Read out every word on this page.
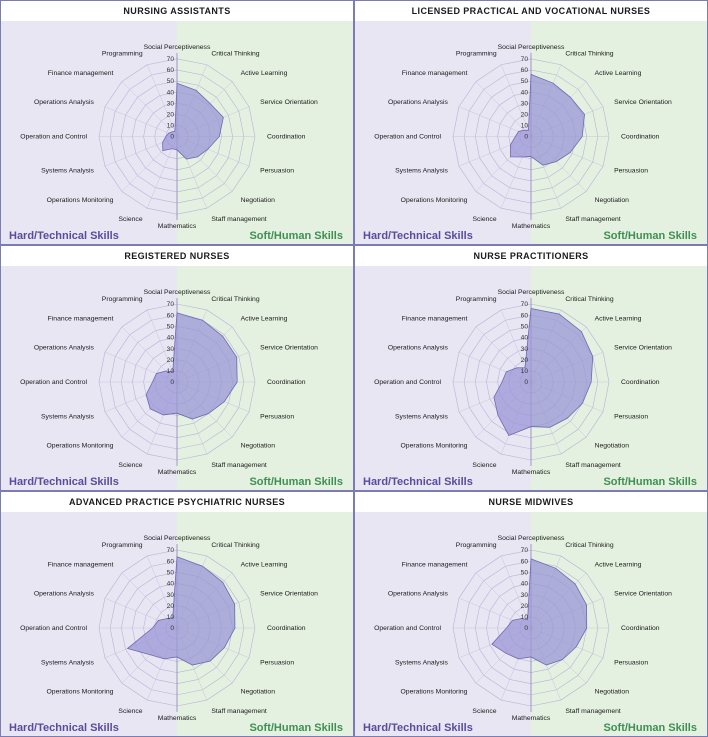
NURSING ASSISTANTS
0
10
20
30
40
50
60
70
Social Perceptiveness
Critical Thinking
Active Learning
Service Orientation
Coordination
Persuasion
Negotiation
Staff management
Mathematics
Science
Operations Monitoring
Systems Analysis
Operation and Control
Operations Analysis
Finance management
Programming
Hard/Technical Skills	Soft/Human Skills
LICENSED PRACTICAL AND VOCATIONAL NURSES
0
10
20
30
40
50
60
70
Social Perceptiveness
Critical Thinking
Active Learning
Service Orientation
Coordination
Persuasion
Negotiation
Staff management
Mathematics
Science
Operations Monitoring
Systems Analysis
Operation and Control
Operations Analysis
Finance management
Programming
Hard/Technical Skills	Soft/Human Skills
REGISTERED NURSES
0
10
20
30
40
50
60
70
Social Perceptiveness
Critical Thinking
Active Learning
Service Orientation
Coordination
Persuasion
Negotiation
Staff management
Mathematics
Science
Operations Monitoring
Systems Analysis
Operation and Control
Operations Analysis
Finance management
Programming
Hard/Technical Skills	Soft/Human Skills
NURSE PRACTITIONERS
0
10
20
30
40
50
60
70
Social Perceptiveness
Critical Thinking
Active Learning
Service Orientation
Coordination
Persuasion
Negotiation
Staff management
Mathematics
Science
Operations Monitoring
Systems Analysis
Operation and Control
Operations Analysis
Finance management
Programming
Hard/Technical Skills	Soft/Human Skills
ADVANCED PRACTICE PSYCHIATRIC NURSES
0
10
20
30
40
50
60
70
Social Perceptiveness
Critical Thinking
Active Learning
Service Orientation
Coordination
Persuasion
Negotiation
Staff management
Mathematics
Science
Operations Monitoring
Systems Analysis
Operation and Control
Operations Analysis
Finance management
Programming
Hard/Technical Skills	Soft/Human Skills
NURSE MIDWIVES
0
10
20
30
40
50
60
70
Social Perceptiveness
Critical Thinking
Active Learning
Service Orientation
Coordination
Persuasion
Negotiation
Staff management
Mathematics
Science
Operations Monitoring
Systems Analysis
Operation and Control
Operations Analysis
Finance management
Programming
Hard/Technical Skills	Soft/Human Skills
